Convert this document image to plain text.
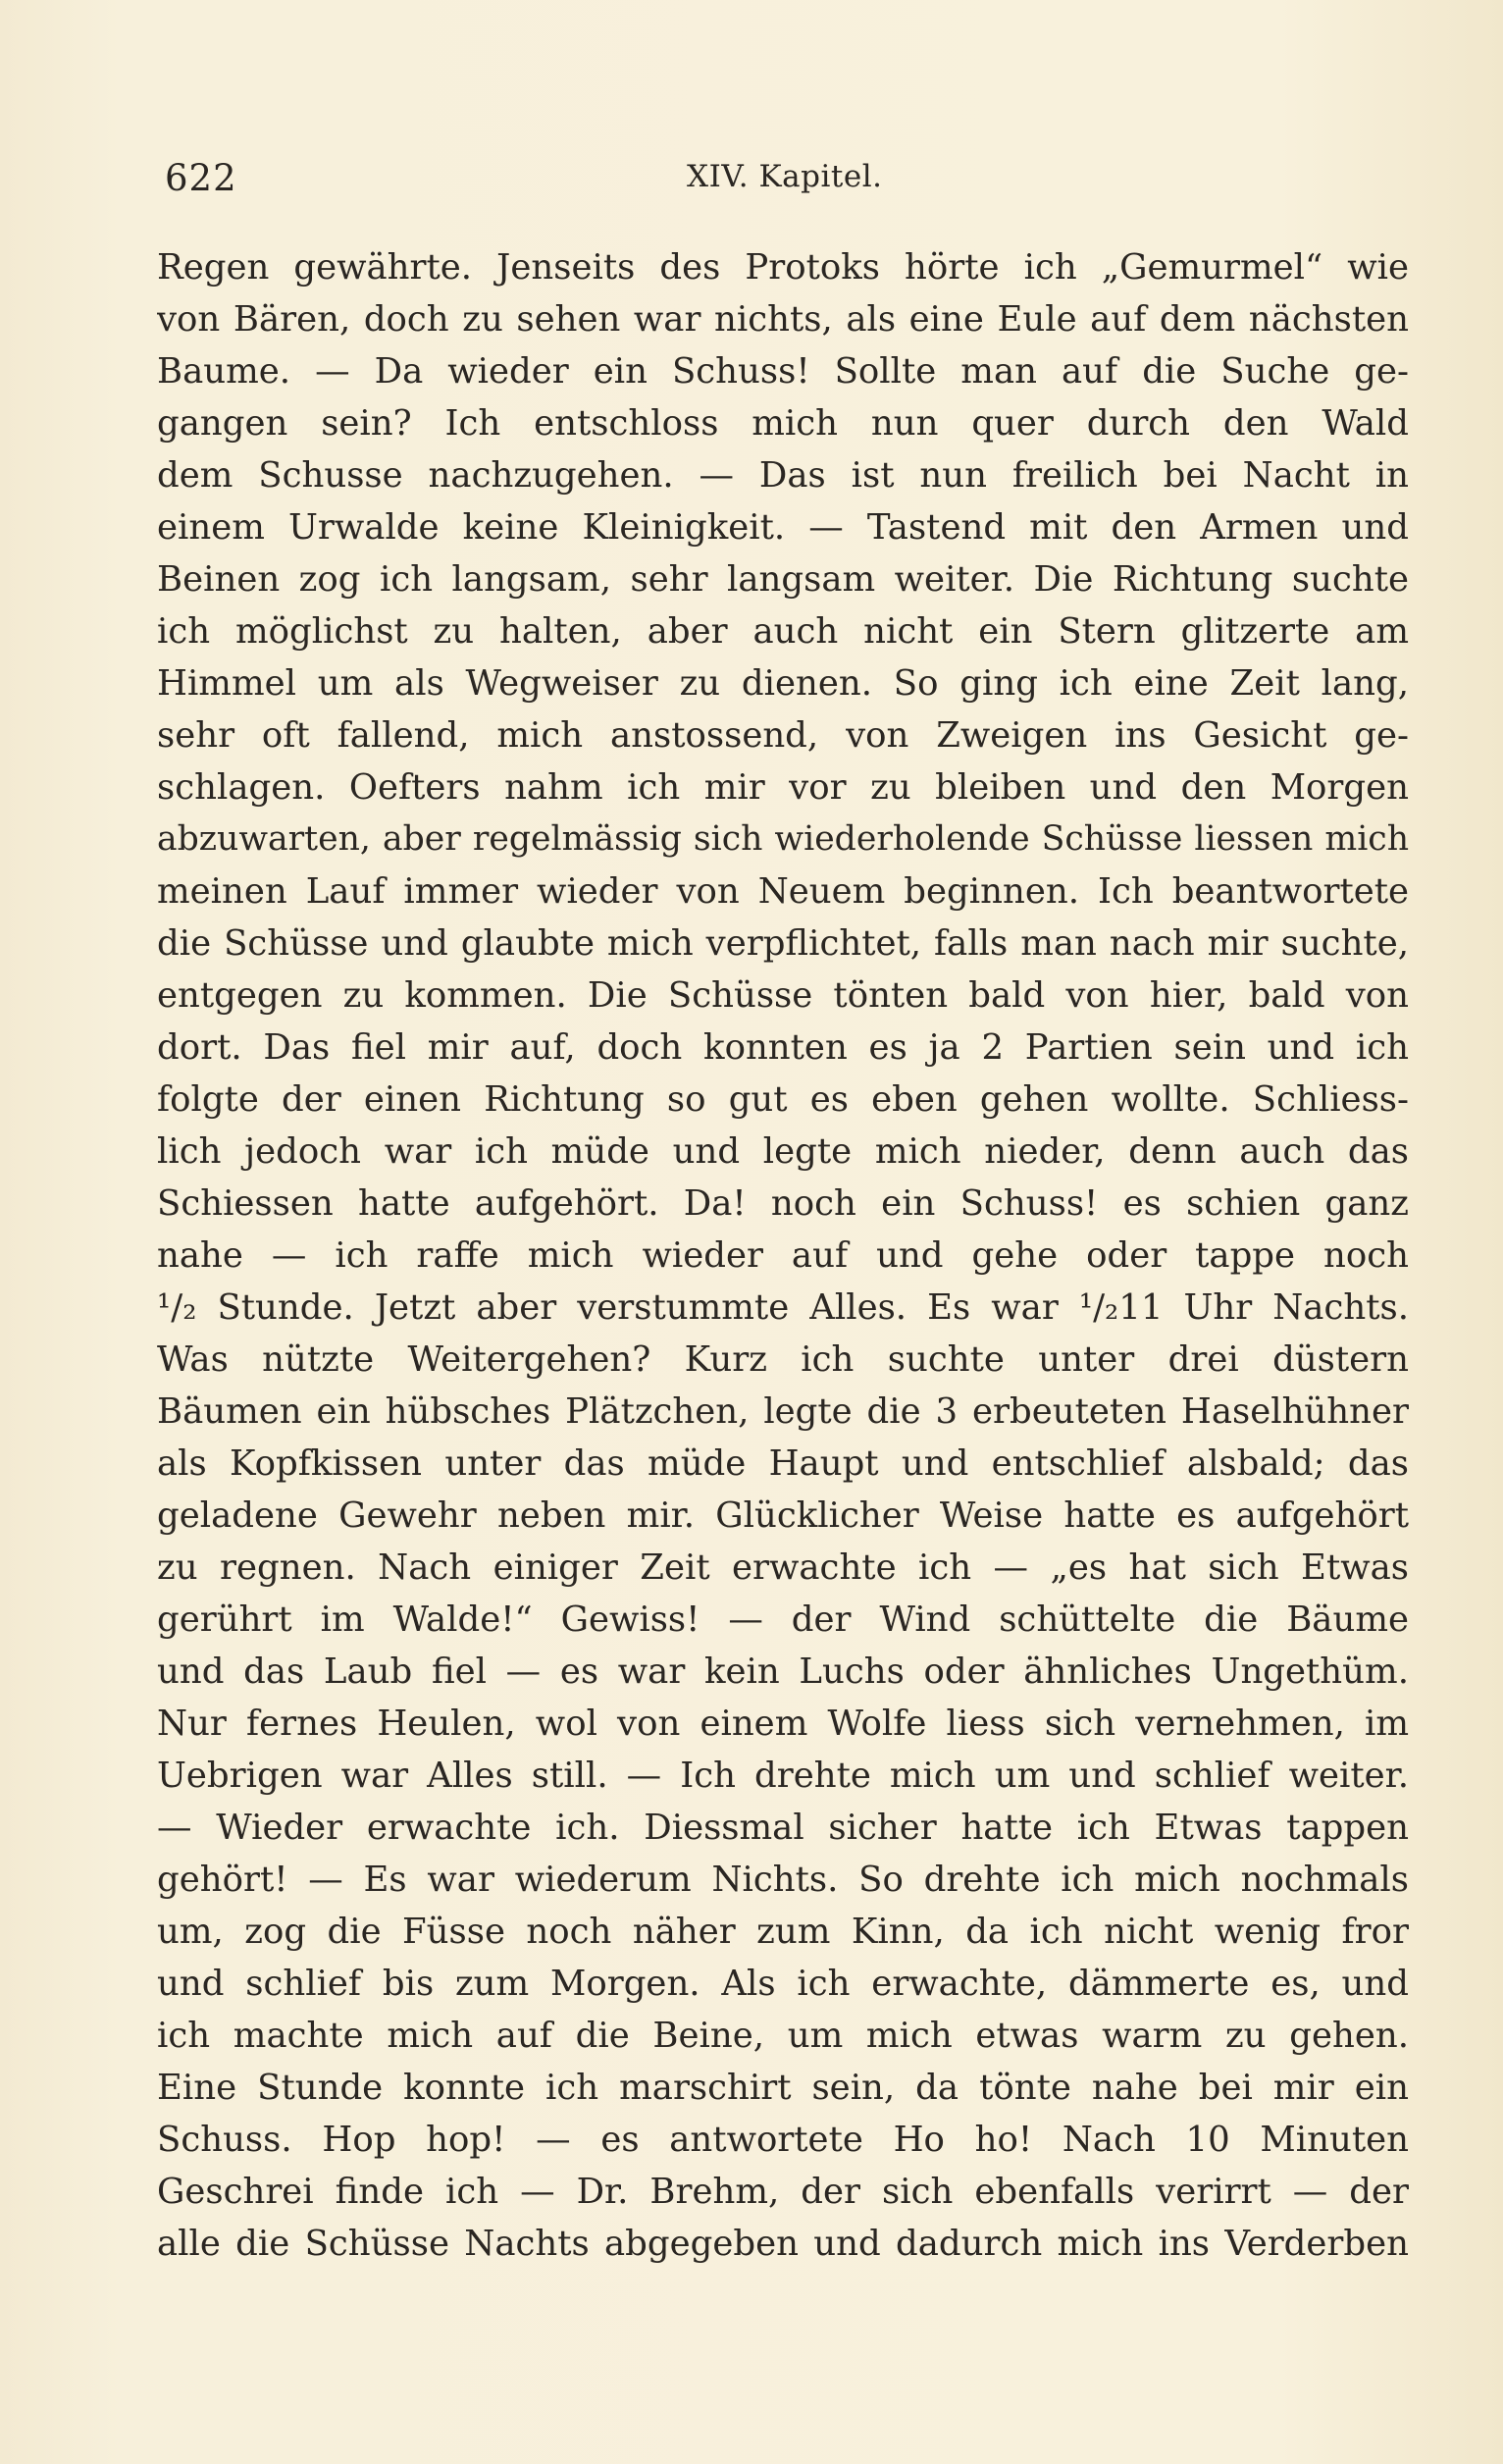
622	XIV. Kapitel.
Regen gewährte. Jenseits des Protoks hörte ich „Gemurmel“ wie
von Bären, doch zu sehen war nichts, als eine Eule auf dem nächsten
Baume. — Da wieder ein Schuss! Sollte man auf die Suche ge-
gangen sein? Ich entschloss mich nun quer durch den Wald
dem Schusse nachzugehen. — Das ist nun freilich bei Nacht in
einem Urwalde keine Kleinigkeit. — Tastend mit den Armen und
Beinen zog ich langsam, sehr langsam weiter. Die Richtung suchte
ich möglichst zu halten, aber auch nicht ein Stern glitzerte am
Himmel um als Wegweiser zu dienen. So ging ich eine Zeit lang,
sehr oft fallend, mich anstossend, von Zweigen ins Gesicht ge-
schlagen. Oefters nahm ich mir vor zu bleiben und den Morgen
abzuwarten, aber regelmässig sich wiederholende Schüsse liessen mich
meinen Lauf immer wieder von Neuem beginnen. Ich beantwortete
die Schüsse und glaubte mich verpflichtet, falls man nach mir suchte,
entgegen zu kommen. Die Schüsse tönten bald von hier, bald von
dort. Das fiel mir auf, doch konnten es ja 2 Partien sein und ich
folgte der einen Richtung so gut es eben gehen wollte. Schliess-
lich jedoch war ich müde und legte mich nieder, denn auch das
Schiessen hatte aufgehört. Da! noch ein Schuss! es schien ganz
nahe — ich raffe mich wieder auf und gehe oder tappe noch
¹/₂ Stunde. Jetzt aber verstummte Alles. Es war ¹/₂11 Uhr Nachts.
Was nützte Weitergehen? Kurz ich suchte unter drei düstern
Bäumen ein hübsches Plätzchen, legte die 3 erbeuteten Haselhühner
als Kopfkissen unter das müde Haupt und entschlief alsbald; das
geladene Gewehr neben mir. Glücklicher Weise hatte es aufgehört
zu regnen. Nach einiger Zeit erwachte ich — „es hat sich Etwas
gerührt im Walde!“ Gewiss! — der Wind schüttelte die Bäume
und das Laub fiel — es war kein Luchs oder ähnliches Ungethüm.
Nur fernes Heulen, wol von einem Wolfe liess sich vernehmen, im
Uebrigen war Alles still. — Ich drehte mich um und schlief weiter.
— Wieder erwachte ich. Diessmal sicher hatte ich Etwas tappen
gehört! — Es war wiederum Nichts. So drehte ich mich nochmals
um, zog die Füsse noch näher zum Kinn, da ich nicht wenig fror
und schlief bis zum Morgen. Als ich erwachte, dämmerte es, und
ich machte mich auf die Beine, um mich etwas warm zu gehen.
Eine Stunde konnte ich marschirt sein, da tönte nahe bei mir ein
Schuss. Hop hop! — es antwortete Ho ho! Nach 10 Minuten
Geschrei finde ich — Dr. Brehm, der sich ebenfalls verirrt — der
alle die Schüsse Nachts abgegeben und dadurch mich ins Verderben
